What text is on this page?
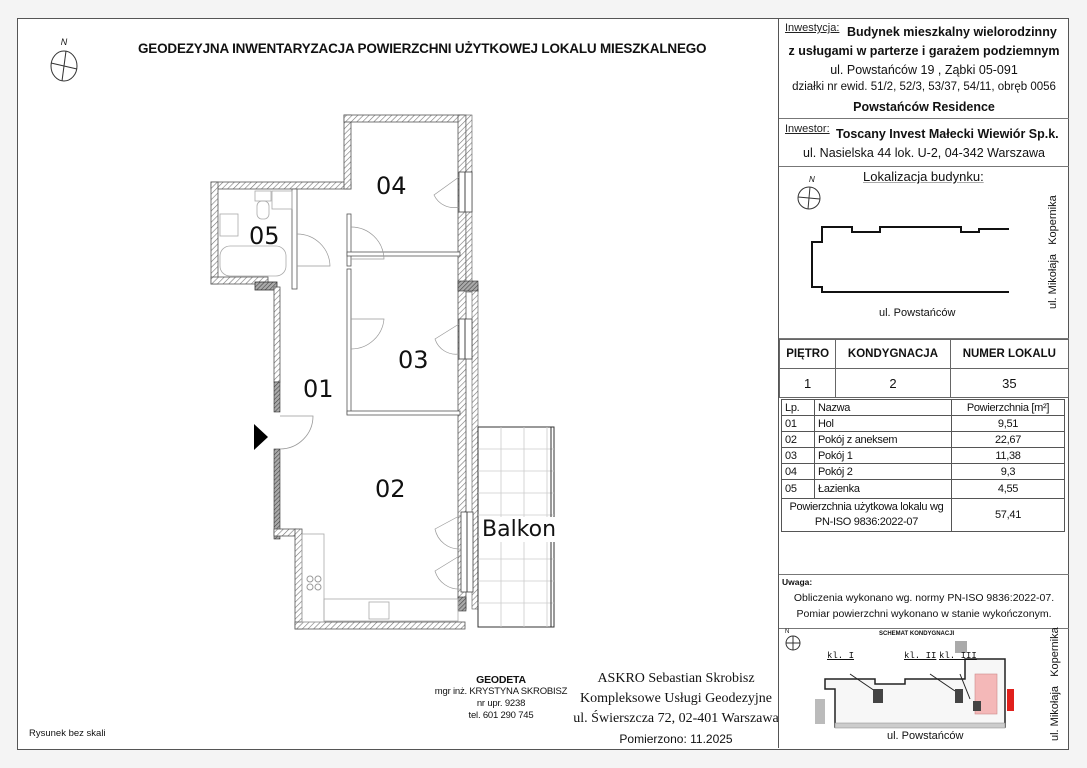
GEODEZYJNA INWENTARYZACJA POWIERZCHNI UŻYTKOWEJ LOKALU MIESZKALNEGO
N
04
05
03
01
02
Balkon
Rysunek bez skali
GEODETA
mgr inż. KRYSTYNA SKROBISZ
nr upr. 9238
tel. 601 290 745
ASKRO Sebastian Skrobisz
Kompleksowe Usługi Geodezyjne
ul. Świerszcza 72, 02-401 Warszawa
Pomierzono: 11.2025
Inwestycja: Budynek mieszkalny wielorodzinny
z usługami w parterze i garażem podziemnym
ul. Powstańców 19 , Ząbki 05-091
działki nr ewid. 51/2, 52/3, 53/37, 54/11, obręb 0056
Powstańców Residence
Inwestor: Toscany Invest Małecki Wiewiór Sp.k.
ul. Nasielska 44 lok. U-2, 04-342 Warszawa
Lokalizacja budynku:
N
ul. Powstańców
ul. Mikołaja   Kopernika
PIĘTRO	KONDYGNACJA	NUMER LOKALU
1	2	35
Lp.	Nazwa	Powierzchnia [m²]
01	Hol	9,51
02	Pokój z aneksem	22,67
03	Pokój 1	11,38
04	Pokój 2	9,3
05	Łazienka	4,55

Powierzchnia użytkowa lokalu wg
PN-ISO 9836:2022-07		57,41
Uwaga:
Obliczenia wykonano wg. normy PN-ISO 9836:2022-07.
Pomiar powierzchni wykonano w stanie wykończonym.
N	SCHEMAT KONDYGNACJI
kl. I	kl. II kl. III
ul. Powstańców	ul. Mikołaja   Kopernika
